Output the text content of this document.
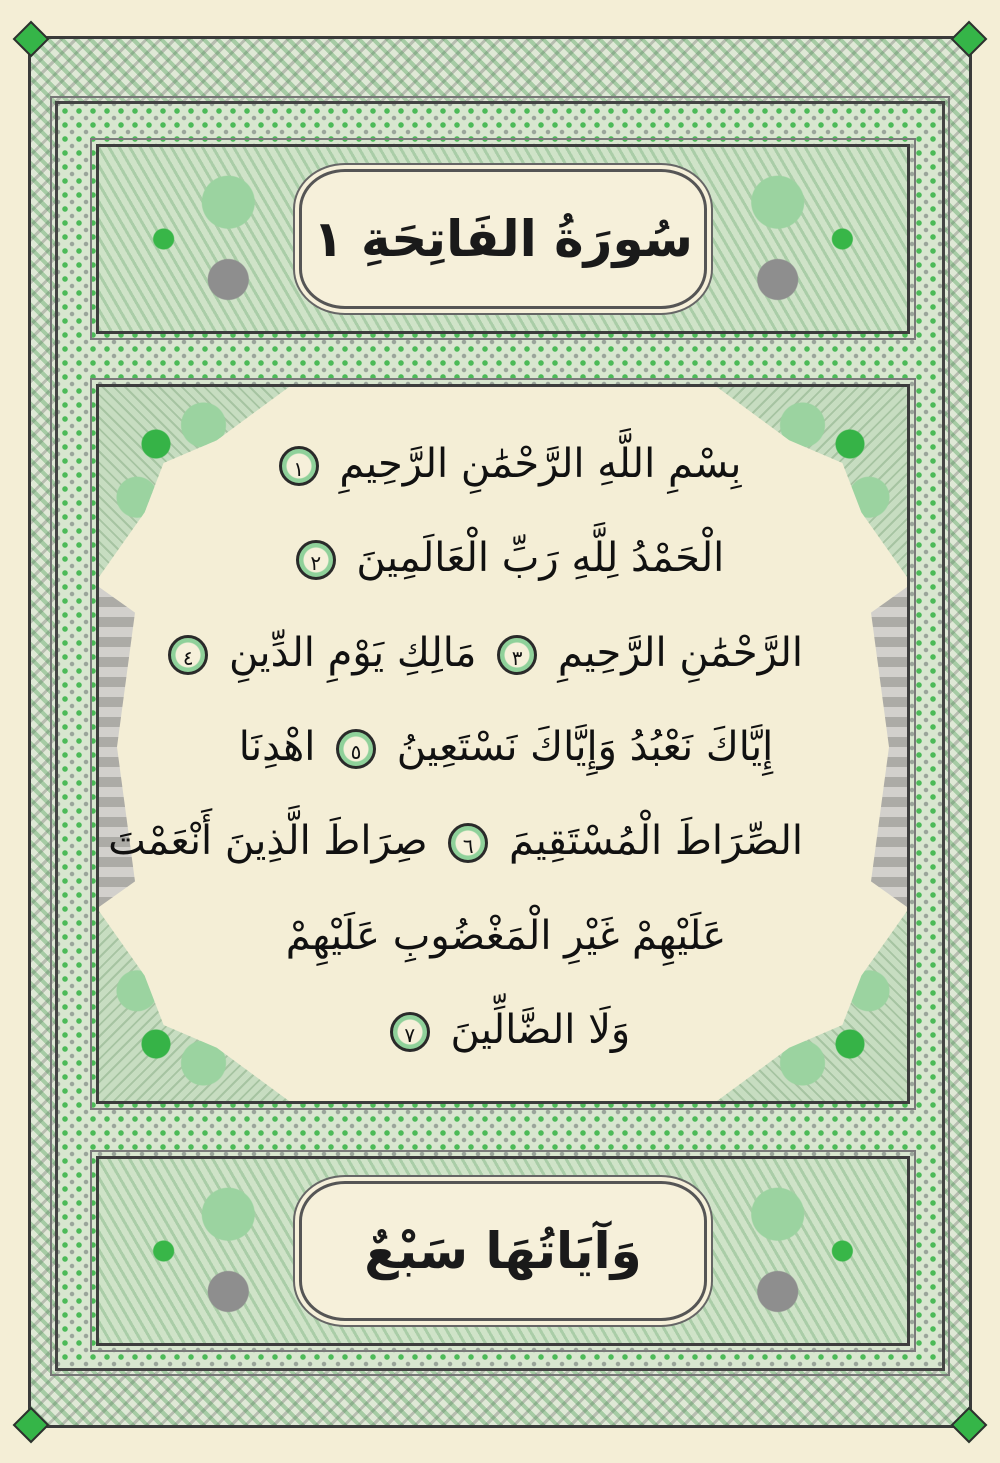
سُورَةُ الفَاتِحَةِ ١
بِسْمِ اللَّهِ الرَّحْمَٰنِ الرَّحِيمِ ١
الْحَمْدُ لِلَّهِ رَبِّ الْعَالَمِينَ ٢
الرَّحْمَٰنِ الرَّحِيمِ ٣ مَالِكِ يَوْمِ الدِّينِ ٤
إِيَّاكَ نَعْبُدُ وَإِيَّاكَ نَسْتَعِينُ ٥ اهْدِنَا
الصِّرَاطَ الْمُسْتَقِيمَ ٦ صِرَاطَ الَّذِينَ أَنْعَمْتَ
عَلَيْهِمْ غَيْرِ الْمَغْضُوبِ عَلَيْهِمْ
وَلَا الضَّالِّينَ ٧
وَآيَاتُهَا سَبْعٌ
